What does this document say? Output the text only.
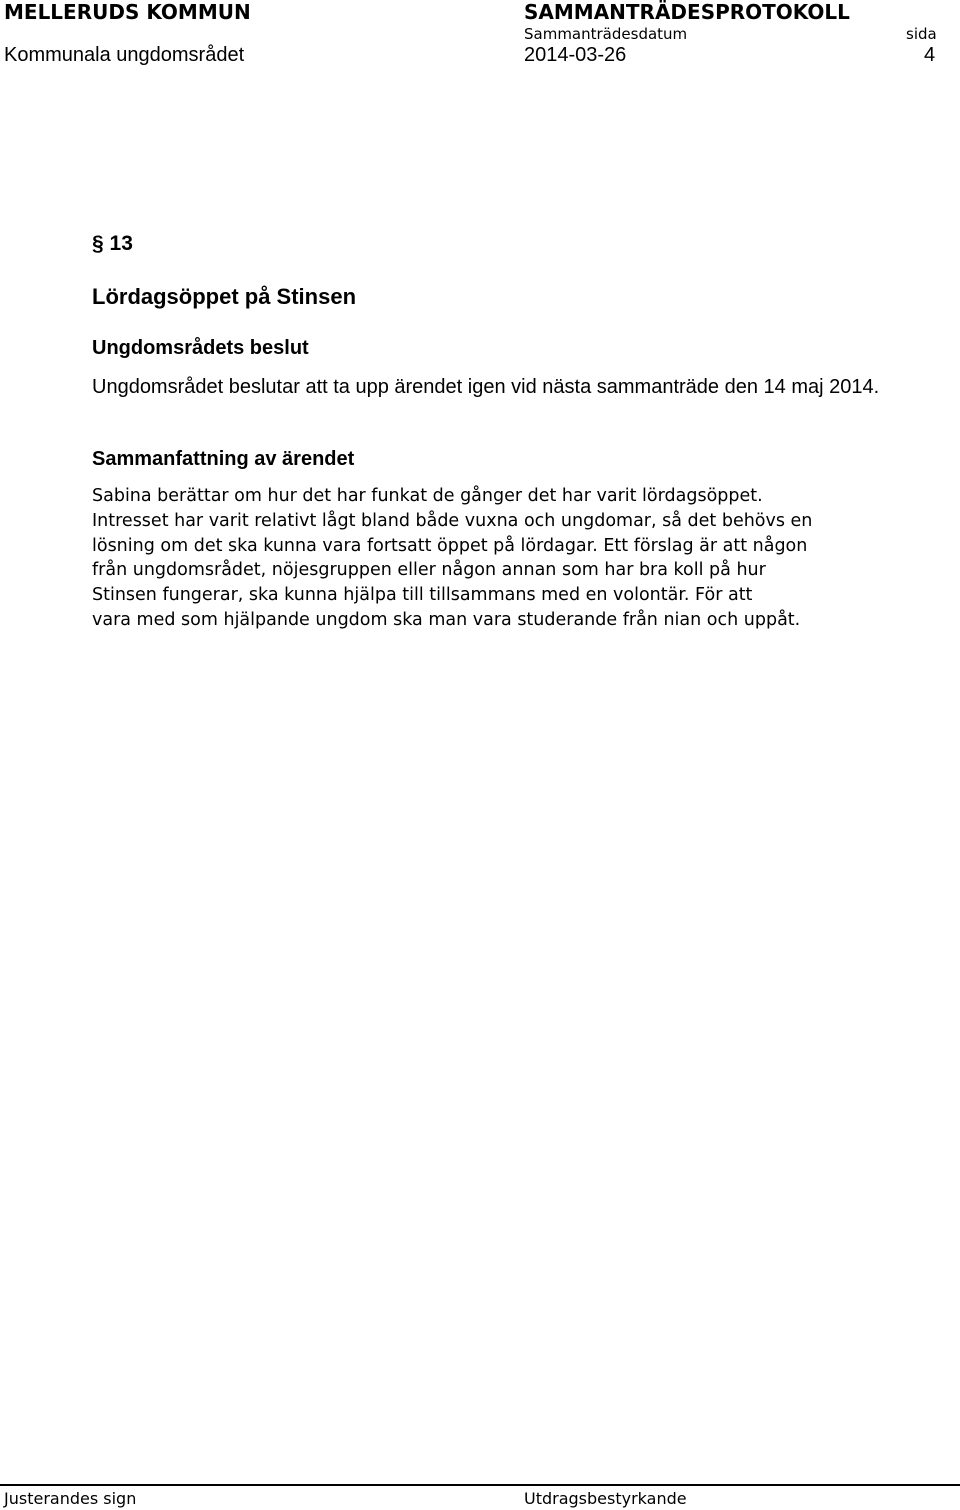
MELLERUDS KOMMUN	SAMMANTRÄDESPROTOKOLL
Sammanträdesdatum	sida
Kommunala ungdomsrådet	2014-03-26	4
§ 13
Lördagsöppet på Stinsen
Ungdomsrådets beslut
Ungdomsrådet beslutar att ta upp ärendet igen vid nästa sammanträde den 14 maj 2014.
Sammanfattning av ärendet
Sabina berättar om hur det har funkat de gånger det har varit lördagsöppet.
Intresset har varit relativt lågt bland både vuxna och ungdomar, så det behövs en
lösning om det ska kunna vara fortsatt öppet på lördagar. Ett förslag är att någon
från ungdomsrådet, nöjesgruppen eller någon annan som har bra koll på hur
Stinsen fungerar, ska kunna hjälpa till tillsammans med en volontär. För att
vara med som hjälpande ungdom ska man vara studerande från nian och uppåt.
Justerandes sign	Utdragsbestyrkande
